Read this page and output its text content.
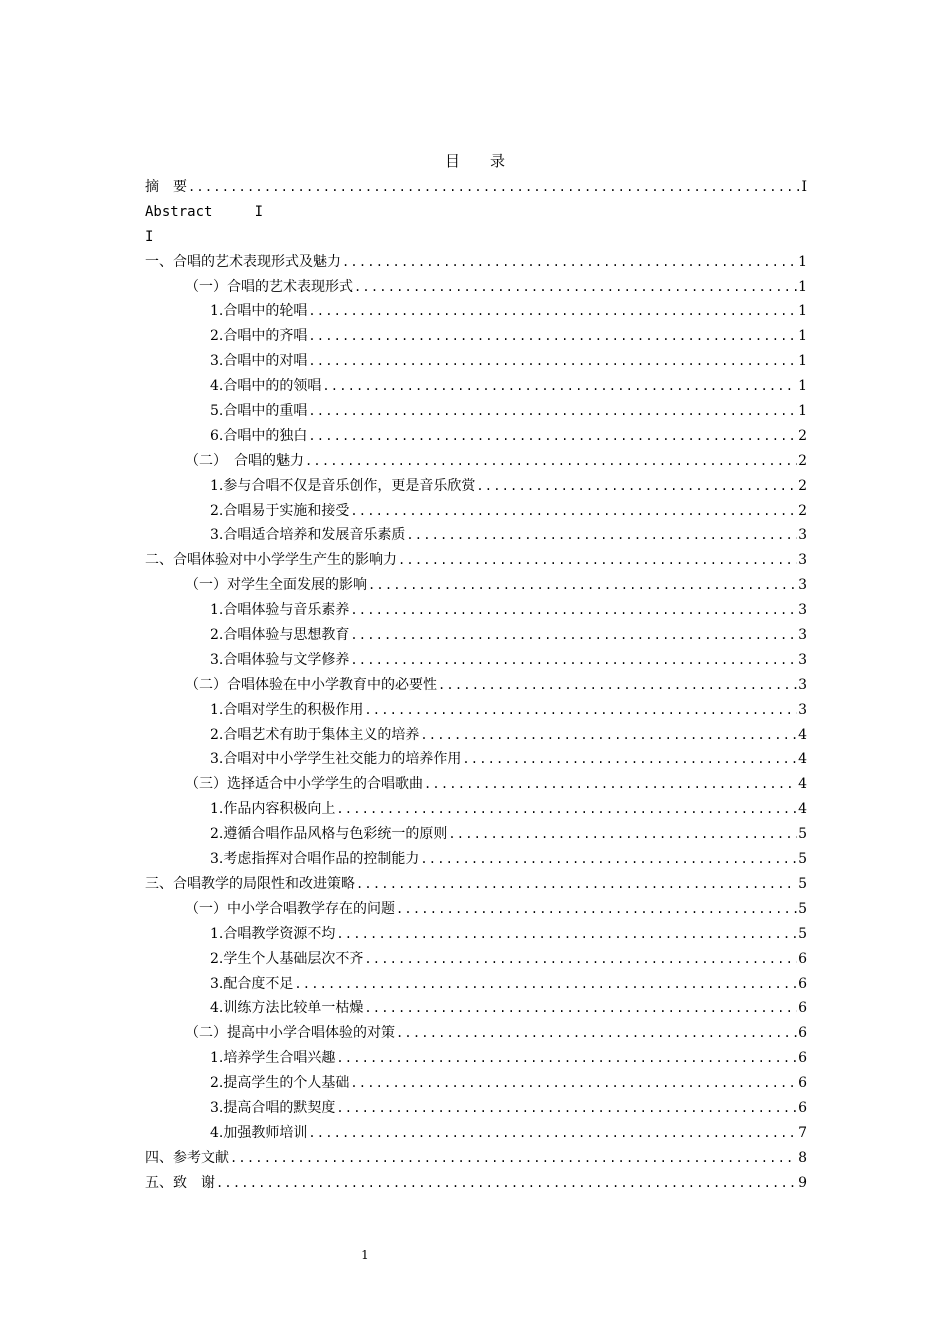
目　　录
摘　要 .....	I
Abstract     I
I
一、合唱的艺术表现形式及魅力 .....	1
（一）合唱的艺术表现形式 .....	1
1.合唱中的轮唱 .....	1
2.合唱中的齐唱 .....	1
3.合唱中的对唱 .....	1
4.合唱中的的领唱 .....	1
5.合唱中的重唱 .....	1
6.合唱中的独白 .....	2
（二）　合唱的魅力 .....	2
1.参与合唱不仅是音乐创作，更是音乐欣赏 .....	2
2.合唱易于实施和接受 .....	2
3.合唱适合培养和发展音乐素质 .....	3
二、合唱体验对中小学学生产生的影响力 .....	3
（一）对学生全面发展的影响 .....	3
1.合唱体验与音乐素养 .....	3
2.合唱体验与思想教育 .....	3
3.合唱体验与文学修养 .....	3
（二）合唱体验在中小学教育中的必要性 .....	3
1.合唱对学生的积极作用 .....	3
2.合唱艺术有助于集体主义的培养 .....	4
3.合唱对中小学学生社交能力的培养作用 .....	4
（三）选择适合中小学学生的合唱歌曲 .....	4
1.作品内容积极向上 .....	4
2.遵循合唱作品风格与色彩统一的原则 .....	5
3.考虑指挥对合唱作品的控制能力 .....	5
三、合唱教学的局限性和改进策略 .....	5
（一）中小学合唱教学存在的问题 .....	5
1.合唱教学资源不均 .....	5
2.学生个人基础层次不齐 .....	6
3.配合度不足 .....	6
4.训练方法比较单一枯燥 .....	6
（二）提高中小学合唱体验的对策 .....	6
1.培养学生合唱兴趣 .....	6
2.提高学生的个人基础 .....	6
3.提高合唱的默契度 .....	6
4.加强教师培训 .....	7
四、参考文献 .....	8
五、致　谢 .....	9
1
